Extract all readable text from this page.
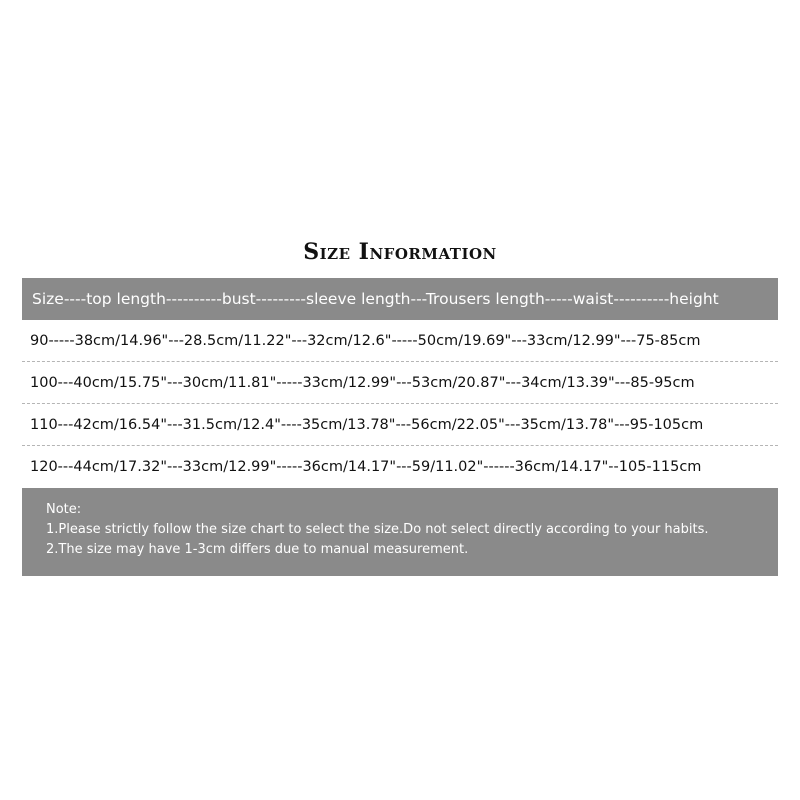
Size Information
Size----top length----------bust---------sleeve length---Trousers length-----waist----------height
90-----38cm/14.96"---28.5cm/11.22"---32cm/12.6"-----50cm/19.69"---33cm/12.99"---75-85cm
100---40cm/15.75"---30cm/11.81"-----33cm/12.99"---53cm/20.87"---34cm/13.39"---85-95cm
110---42cm/16.54"---31.5cm/12.4"----35cm/13.78"---56cm/22.05"---35cm/13.78"---95-105cm
120---44cm/17.32"---33cm/12.99"-----36cm/14.17"---59/11.02"------36cm/14.17"--105-115cm
Note:
1.Please strictly follow the size chart to select the size.Do not select directly according to your habits.
2.The size may have 1-3cm differs due to manual measurement.
